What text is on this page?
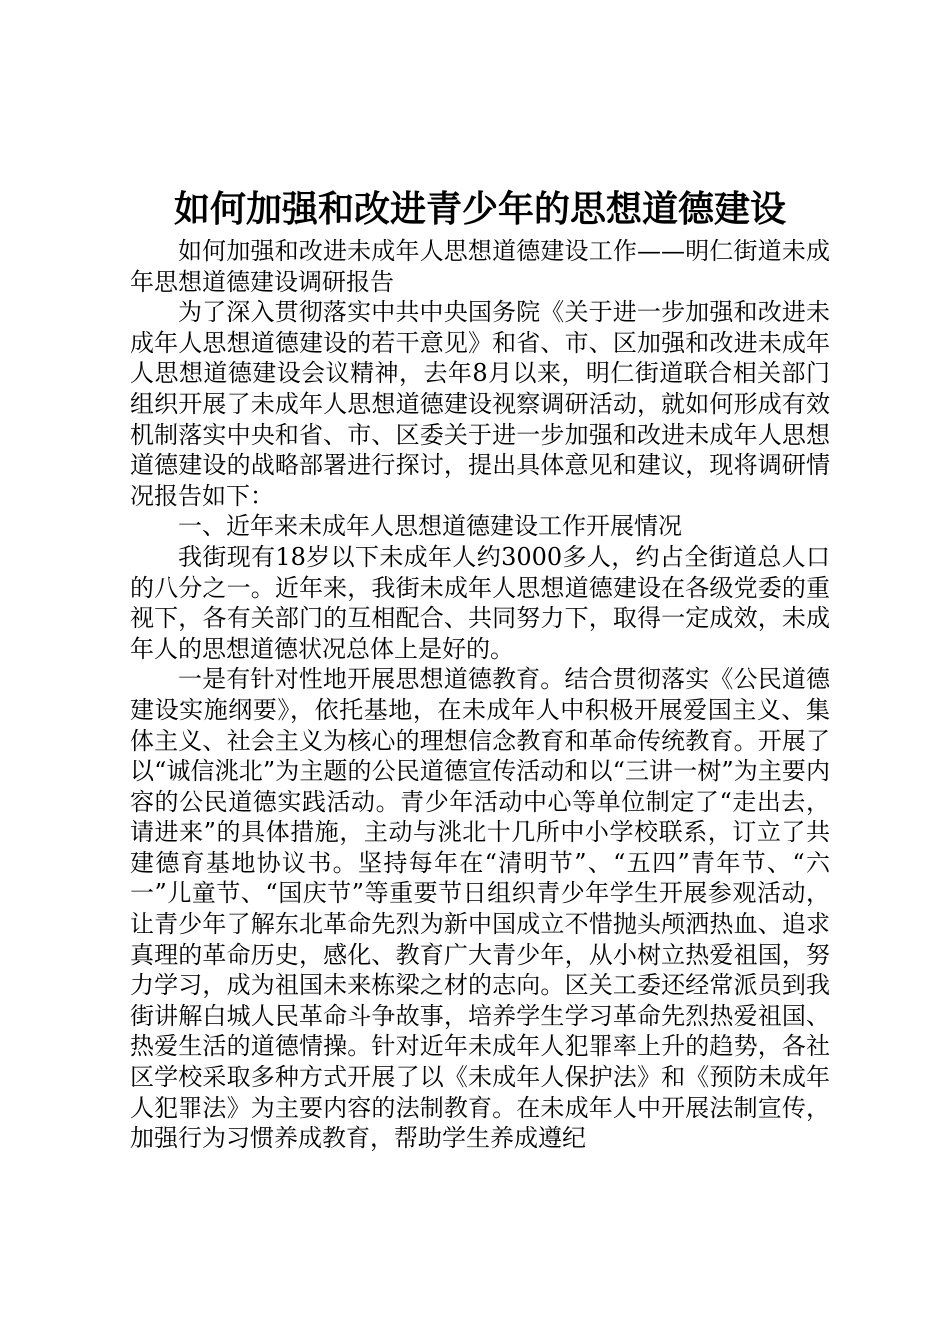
如何加强和改进青少年的思想道德建设

如何加强和改进未成年人思想道德建设工作——明仁街道未成年思想道德建设调研报告

为了深入贯彻落实中共中央国务院《关于进一步加强和改进未成年人思想道德建设的若干意见》和省、市、区加强和改进未成年人思想道德建设会议精神，去年8月以来，明仁街道联合相关部门组织开展了未成年人思想道德建设视察调研活动，就如何形成有效机制落实中央和省、市、区委关于进一步加强和改进未成年人思想道德建设的战略部署进行探讨，提出具体意见和建议，现将调研情况报告如下：

一、近年来未成年人思想道德建设工作开展情况

我街现有18岁以下未成年人约3000多人，约占全街道总人口的八分之一。近年来，我街未成年人思想道德建设在各级党委的重视下，各有关部门的互相配合、共同努力下，取得一定成效，未成年人的思想道德状况总体上是好的。

一是有针对性地开展思想道德教育。结合贯彻落实《公民道德建设实施纲要》，依托基地，在未成年人中积极开展爱国主义、集体主义、社会主义为核心的理想信念教育和革命传统教育。开展了以“诚信洮北”为主题的公民道德宣传活动和以“三讲一树”为主要内容的公民道德实践活动。青少年活动中心等单位制定了“走出去，请进来”的具体措施，主动与洮北十几所中小学校联系，订立了共建德育基地协议书。坚持每年在“清明节”、“五四”青年节、“六一”儿童节、“国庆节”等重要节日组织青少年学生开展参观活动，让青少年了解东北革命先烈为新中国成立不惜抛头颅洒热血、追求真理的革命历史，感化、教育广大青少年，从小树立热爱祖国，努力学习，成为祖国未来栋梁之材的志向。区关工委还经常派员到我街讲解白城人民革命斗争故事，培养学生学习革命先烈热爱祖国、热爱生活的道德情操。针对近年未成年人犯罪率上升的趋势，各社区学校采取多种方式开展了以《未成年人保护法》和《预防未成年人犯罪法》为主要内容的法制教育。在未成年人中开展法制宣传，加强行为习惯养成教育，帮助学生养成遵纪
